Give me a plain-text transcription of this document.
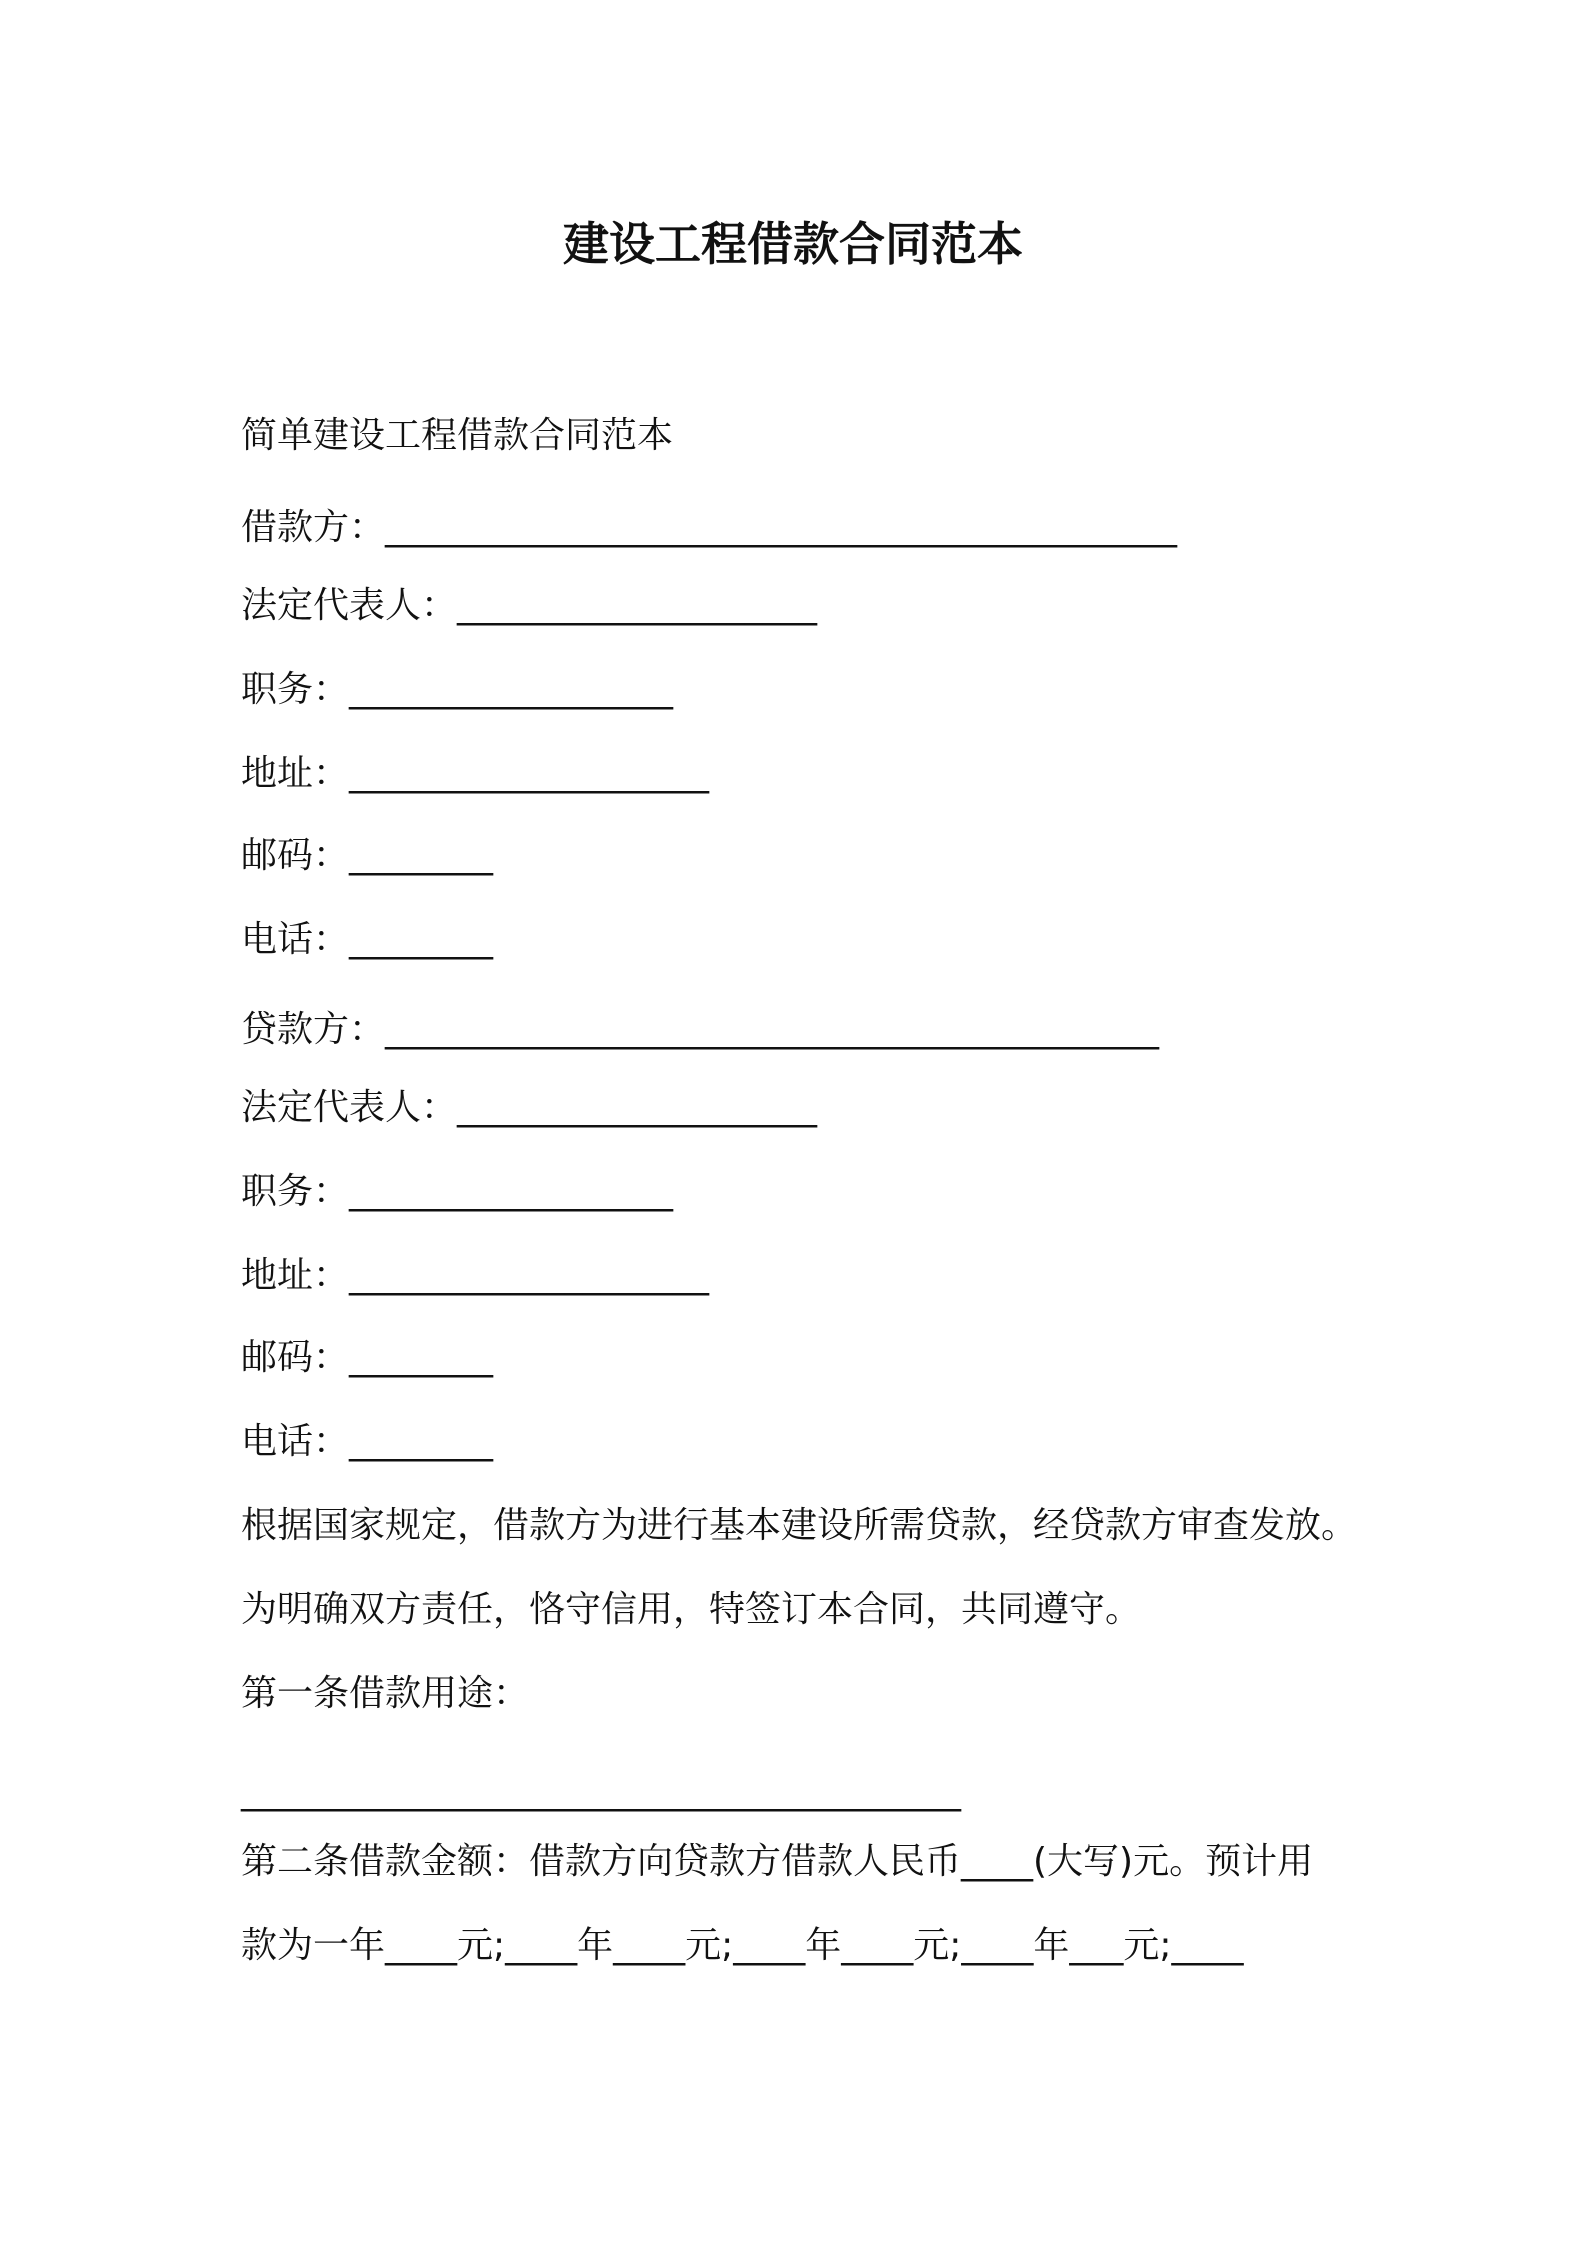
建设工程借款合同范本

简单建设工程借款合同范本

借款方：____________________________________________

法定代表人：____________________

职务：__________________

地址：____________________

邮码：________

电话：________

贷款方：___________________________________________

法定代表人：____________________

职务：__________________

地址：____________________

邮码：________

电话：________

根据国家规定，借款方为进行基本建设所需贷款，经贷款方审查发放。

为明确双方责任，恪守信用，特签订本合同，共同遵守。

第一条借款用途：

________________________________________

第二条借款金额：借款方向贷款方借款人民币____(大写)元。预计用

款为一年____元;____年____元;____年____元;____年___元;____
